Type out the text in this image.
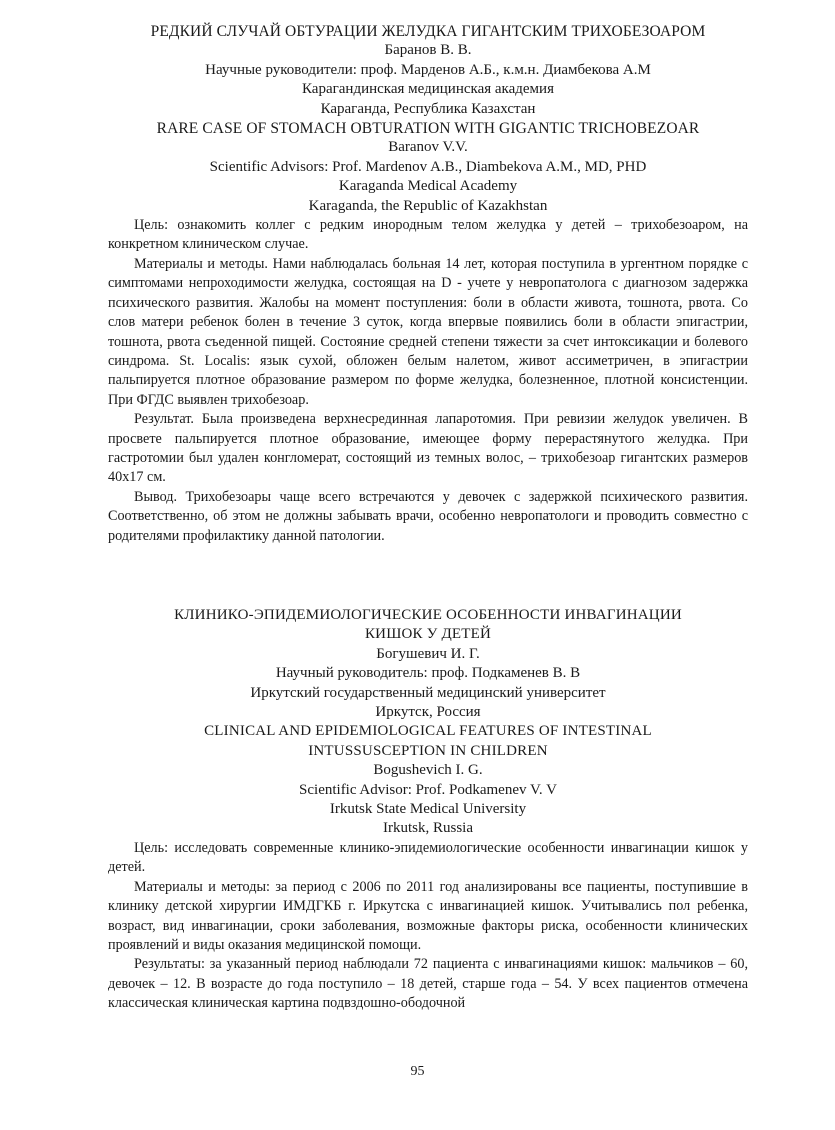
РЕДКИЙ СЛУЧАЙ ОБТУРАЦИИ ЖЕЛУДКА ГИГАНТСКИМ ТРИХОБЕЗОАРОМ
Баранов В. В.
Научные руководители: проф. Марденов А.Б., к.м.н. Диамбекова А.М
Карагандинская медицинская академия
Караганда, Республика Казахстан
RARE CASE OF STOMACH OBTURATION WITH GIGANTIC TRICHOBEZOAR
Baranov V.V.
Scientific Advisors: Prof. Mardenov A.B., Diambekova A.M., MD, PHD
Karaganda Medical Academy
Karaganda, the Republic of Kazakhstan

Цель: ознакомить коллег с редким инородным телом желудка у детей – трихобезоаром, на конкретном клиническом случае.

Материалы и методы. Нами наблюдалась больная 14 лет, которая поступила в ургентном порядке с симптомами непроходимости желудка, состоящая на D - учете у невропатолога с диагнозом задержка психического развития. Жалобы на момент поступления: боли в области живота, тошнота, рвота. Со слов матери ребенок болен в течение 3 суток, когда впервые появились боли в области эпигастрии, тошнота, рвота съеденной пищей. Состояние средней степени тяжести за счет интоксикации и болевого синдрома. St. Localis: язык сухой, обложен белым налетом, живот ассиметричен, в эпигастрии пальпируется плотное образование размером по форме желудка, болезненное, плотной консистенции. При ФГДС выявлен трихобезоар.

Результат. Была произведена верхнесрединная лапаротомия. При ревизии желудок увеличен. В просвете пальпируется плотное образование, имеющее форму перерастянутого желудка. При гастротомии был удален конгломерат, состоящий из темных волос, – трихобезоар гигантских размеров 40х17 см.

Вывод. Трихобезоары чаще всего встречаются у девочек с задержкой психического развития. Соответственно, об этом не должны забывать врачи, особенно невропатологи и проводить совместно с родителями профилактику данной патологии.

КЛИНИКО-ЭПИДЕМИОЛОГИЧЕСКИЕ ОСОБЕННОСТИ ИНВАГИНАЦИИ
КИШОК У ДЕТЕЙ
Богушевич И. Г.
Научный руководитель: проф. Подкаменев В. В
Иркутский государственный медицинский университет
Иркутск, Россия
CLINICAL AND EPIDEMIOLOGICAL FEATURES OF INTESTINAL
INTUSSUSCEPTION IN CHILDREN
Bogushevich I. G.
Scientific Advisor: Prof. Podkamenev V. V
Irkutsk State Medical University
Irkutsk, Russia

Цель: исследовать современные клинико-эпидемиологические особенности инвагинации кишок у детей.

Материалы и методы: за период с 2006 по 2011 год анализированы все пациенты, поступившие в клинику детской хирургии ИМДГКБ г. Иркутска с инвагинацией кишок. Учитывались пол ребенка, возраст, вид инвагинации, сроки заболевания, возможные факторы риска, особенности клинических проявлений и виды оказания медицинской помощи.

Результаты: за указанный период наблюдали 72 пациента с инвагинациями кишок: мальчиков – 60, девочек – 12. В возрасте до года поступило – 18 детей, старше года – 54. У всех пациентов отмечена классическая клиническая картина подвздошно-ободочной

95
